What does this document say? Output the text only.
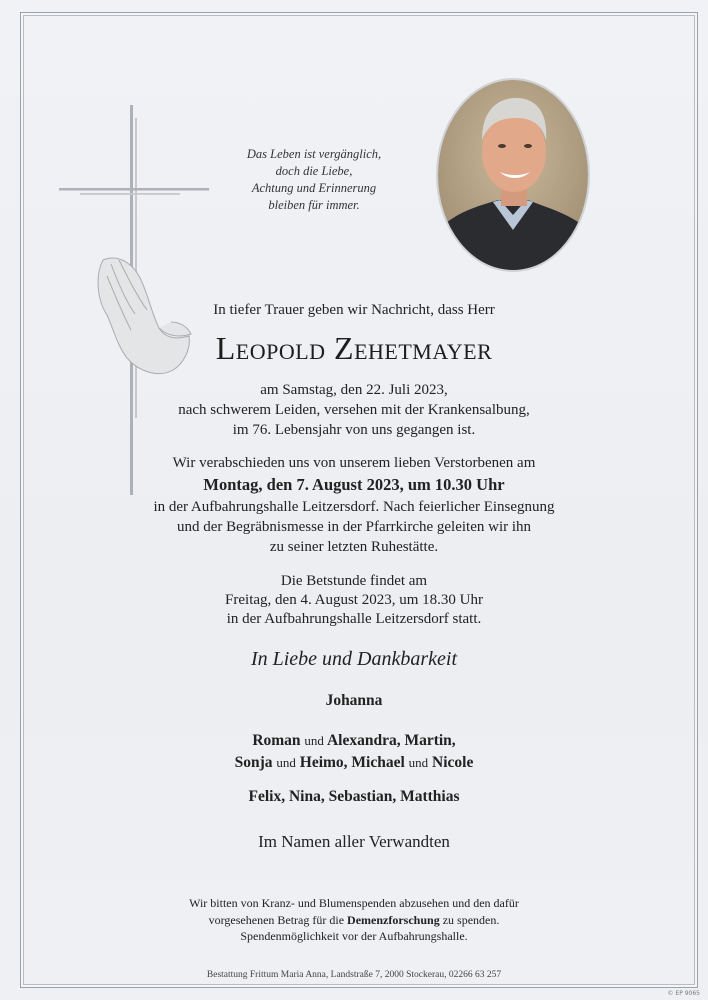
Das Leben ist vergänglich,
doch die Liebe,
Achtung und Erinnerung
bleiben für immer.
In tiefer Trauer geben wir Nachricht, dass Herr
Leopold Zehetmayer
am Samstag, den 22. Juli 2023,
nach schwerem Leiden, versehen mit der Krankensalbung,
im 76. Lebensjahr von uns gegangen ist.
Wir verabschieden uns von unserem lieben Verstorbenen am
Montag, den 7. August 2023, um 10.30 Uhr
in der Aufbahrungshalle Leitzersdorf. Nach feierlicher Einsegnung
und der Begräbnismesse in der Pfarrkirche geleiten wir ihn
zu seiner letzten Ruhestätte.
Die Betstunde findet am
Freitag, den 4. August 2023, um 18.30 Uhr
in der Aufbahrungshalle Leitzersdorf statt.
In Liebe und Dankbarkeit
Johanna
Roman und Alexandra, Martin,
Sonja und Heimo, Michael und Nicole
Felix, Nina, Sebastian, Matthias
Im Namen aller Verwandten
Wir bitten von Kranz- und Blumenspenden abzusehen und den dafür
vorgesehenen Betrag für die Demenzforschung zu spenden.
Spendenmöglichkeit vor der Aufbahrungshalle.
Bestattung Frittum Maria Anna, Landstraße 7, 2000 Stockerau, 02266 63 257
© EP 9065
